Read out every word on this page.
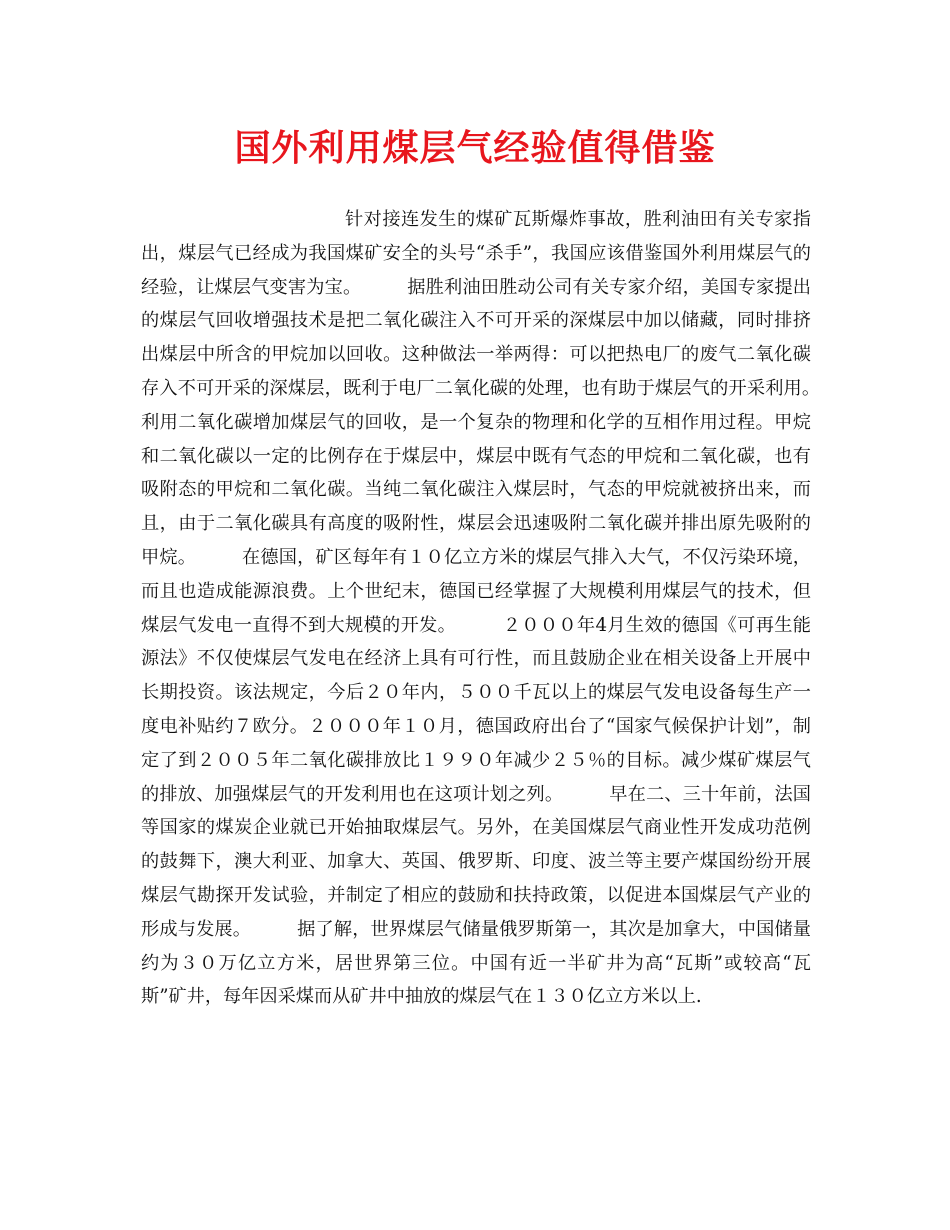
国外利用煤层气经验值得借鉴

针对接连发生的煤矿瓦斯爆炸事故，胜利油田有关专家指出，煤层气已经成为我国煤矿安全的头号“杀手”，我国应该借鉴国外利用煤层气的经验，让煤层气变害为宝。　　　据胜利油田胜动公司有关专家介绍，美国专家提出的煤层气回收增强技术是把二氧化碳注入不可开采的深煤层中加以储藏，同时排挤出煤层中所含的甲烷加以回收。这种做法一举两得：可以把热电厂的废气二氧化碳存入不可开采的深煤层，既利于电厂二氧化碳的处理，也有助于煤层气的开采利用。　　　利用二氧化碳增加煤层气的回收，是一个复杂的物理和化学的互相作用过程。甲烷和二氧化碳以一定的比例存在于煤层中，煤层中既有气态的甲烷和二氧化碳，也有吸附态的甲烷和二氧化碳。当纯二氧化碳注入煤层时，气态的甲烷就被挤出来，而且，由于二氧化碳具有高度的吸附性，煤层会迅速吸附二氧化碳并排出原先吸附的甲烷。　　　在德国，矿区每年有１０亿立方米的煤层气排入大气，不仅污染环境，而且也造成能源浪费。上个世纪末，德国已经掌握了大规模利用煤层气的技术，但煤层气发电一直得不到大规模的开发。　　　２０００年4月生效的德国《可再生能源法》不仅使煤层气发电在经济上具有可行性，而且鼓励企业在相关设备上开展中长期投资。该法规定，今后２０年内，５００千瓦以上的煤层气发电设备每生产一度电补贴约７欧分。２０００年１０月，德国政府出台了“国家气候保护计划”，制定了到２００５年二氧化碳排放比１９９０年减少２５％的目标。减少煤矿煤层气的排放、加强煤层气的开发利用也在这项计划之列。　　　早在二、三十年前，法国等国家的煤炭企业就已开始抽取煤层气。另外，在美国煤层气商业性开发成功范例的鼓舞下，澳大利亚、加拿大、英国、俄罗斯、印度、波兰等主要产煤国纷纷开展煤层气勘探开发试验，并制定了相应的鼓励和扶持政策，以促进本国煤层气产业的形成与发展。　　　据了解，世界煤层气储量俄罗斯第一，其次是加拿大，中国储量约为３０万亿立方米，居世界第三位。中国有近一半矿井为高“瓦斯”或较高“瓦斯”矿井，每年因采煤而从矿井中抽放的煤层气在１３０亿立方米以上.
